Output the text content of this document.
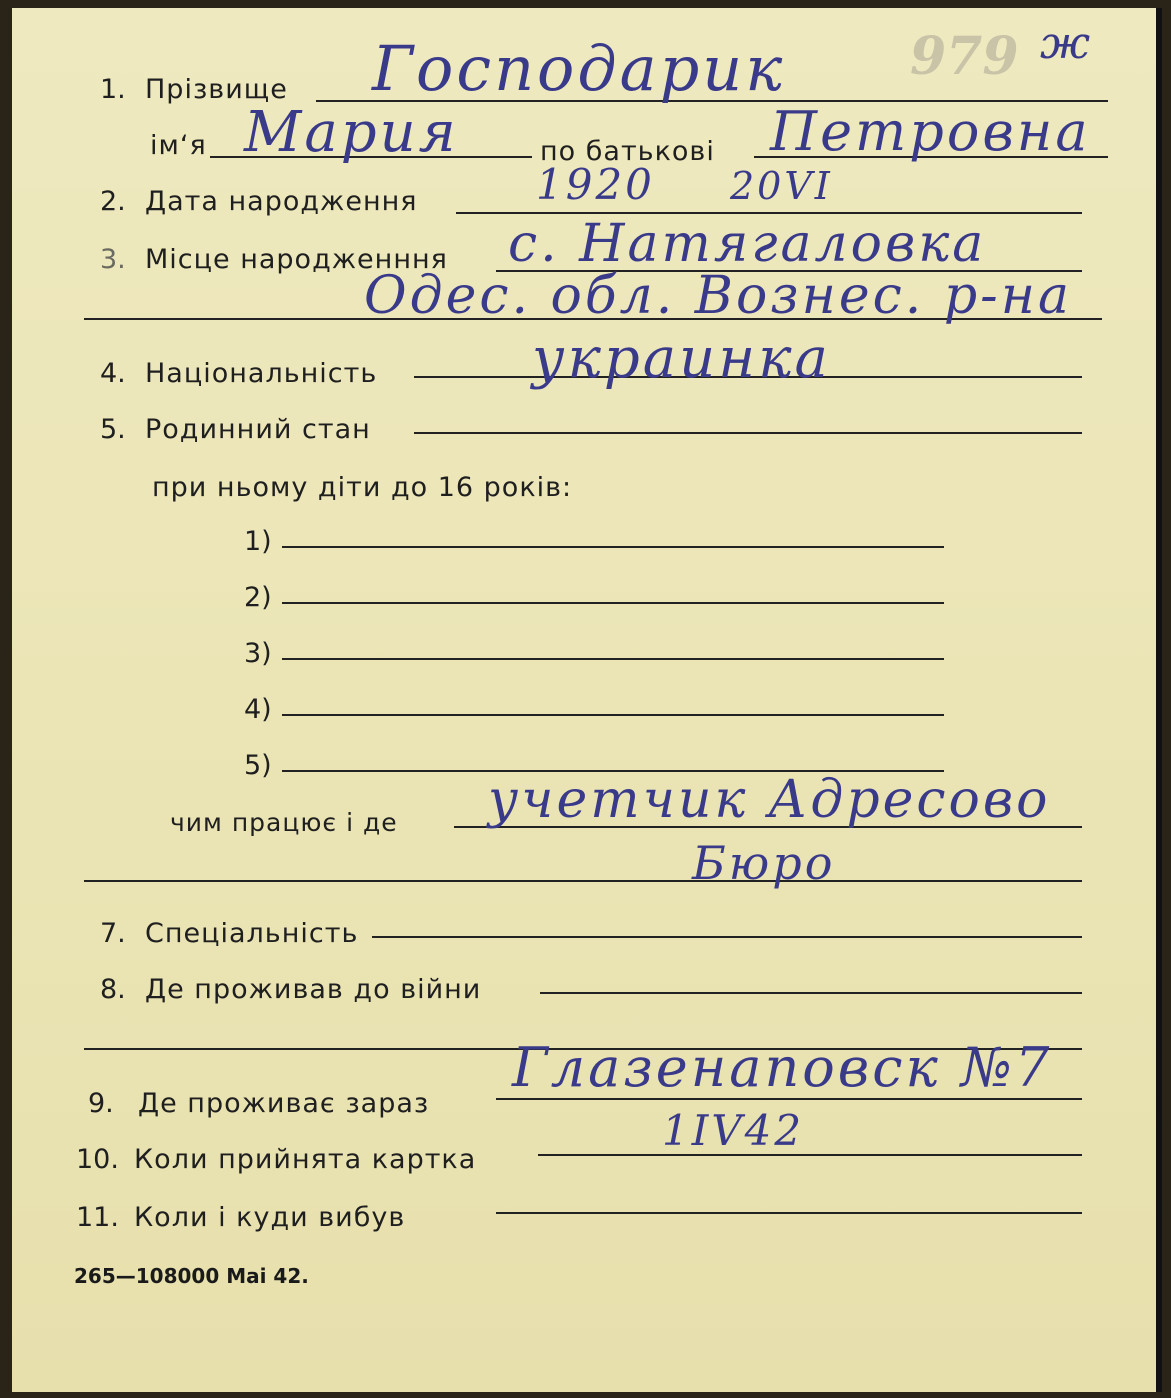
979 ж
1. Прізвище Господарик
ім‘я Мария	по батькові Петровна
2. Дата народження	1920 20VI
3. Місце народженння с. Натягаловка
Одес. обл. Вознес. р-на
4. Національність	украинка
5. Родинний стан
при ньому діти до 16 років:
1)
2)
3)
4)
5)
чим працює і де учетчик Адресово
Бюро
7. Спеціальність
8. Де проживав до війни
9. Де проживає зараз
Глазенаповск №7
10. Коли прийнята картка
1IV42
11. Коли і куди вибув
265—108000 Mai 42.
